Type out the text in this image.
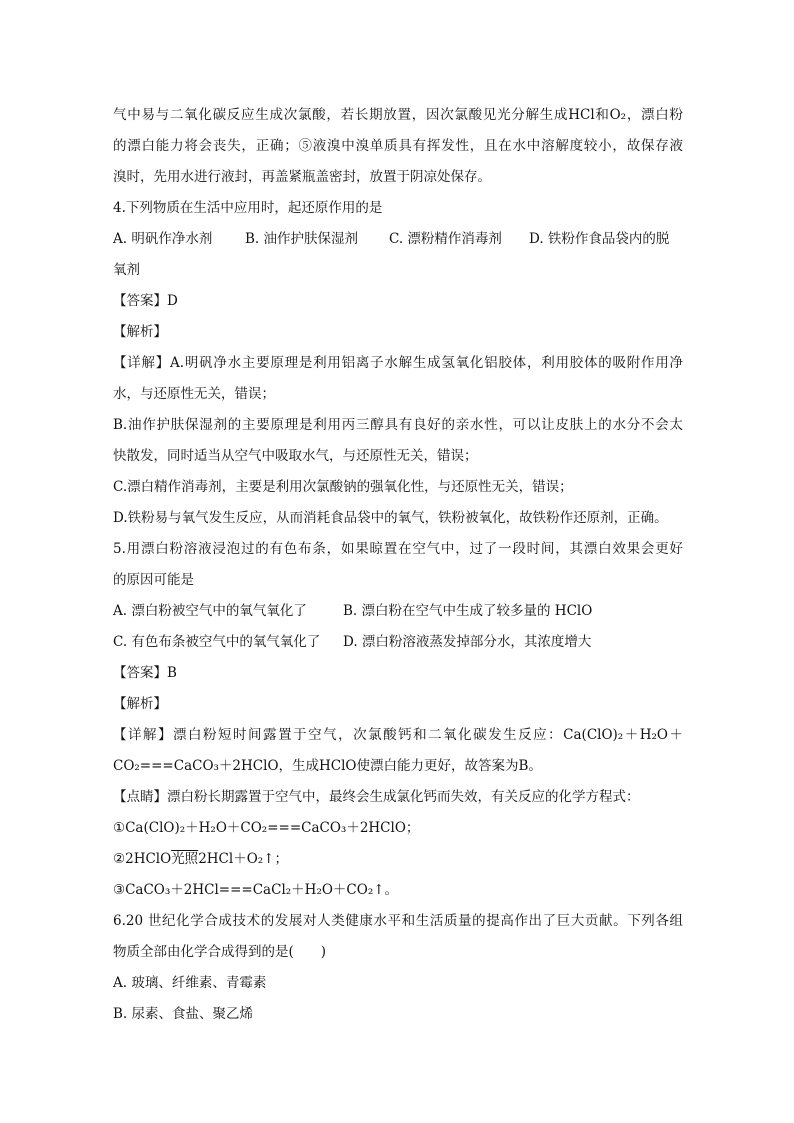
气中易与二氧化碳反应生成次氯酸，若长期放置，因次氯酸见光分解生成HCl和O₂，漂白粉
的漂白能力将会丧失，正确；⑤液溴中溴单质具有挥发性，且在水中溶解度较小，故保存液
溴时，先用水进行液封，再盖紧瓶盖密封，放置于阴凉处保存。
4.下列物质在生活中应用时，起还原作用的是
A. 明矾作净水剂	B. 油作护肤保湿剂	C. 漂粉精作消毒剂	D. 铁粉作食品袋内的脱
氧剂
【答案】D
【解析】
【详解】A.明矾净水主要原理是利用铝离子水解生成氢氧化铝胶体，利用胶体的吸附作用净
水，与还原性无关，错误；
B.油作护肤保湿剂的主要原理是利用丙三醇具有良好的亲水性，可以让皮肤上的水分不会太
快散发，同时适当从空气中吸取水气，与还原性无关，错误；
C.漂白精作消毒剂，主要是利用次氯酸钠的强氧化性，与还原性无关，错误；
D.铁粉易与氧气发生反应，从而消耗食品袋中的氧气，铁粉被氧化，故铁粉作还原剂，正确。
5.用漂白粉溶液浸泡过的有色布条，如果晾置在空气中，过了一段时间，其漂白效果会更好
的原因可能是
A. 漂白粉被空气中的氧气氧化了	B. 漂白粉在空气中生成了较多量的 HClO
C. 有色布条被空气中的氧气氧化了	D. 漂白粉溶液蒸发掉部分水，其浓度增大
【答案】B
【解析】
【详解】漂白粉短时间露置于空气，次氯酸钙和二氧化碳发生反应：Ca(ClO)₂＋H₂O＋
CO₂===CaCO₃＋2HClO，生成HClO使漂白能力更好，故答案为B。
【点睛】漂白粉长期露置于空气中，最终会生成氯化钙而失效，有关反应的化学方程式：
①Ca(ClO)₂＋H₂O＋CO₂===CaCO₃＋2HClO；
②2HClO光照2HCl＋O₂↑；
③CaCO₃＋2HCl===CaCl₂＋H₂O＋CO₂↑。
6.20 世纪化学合成技术的发展对人类健康水平和生活质量的提高作出了巨大贡献。下列各组
物质全部由化学合成得到的是(　　)
A. 玻璃、纤维素、青霉素
B. 尿素、食盐、聚乙烯
